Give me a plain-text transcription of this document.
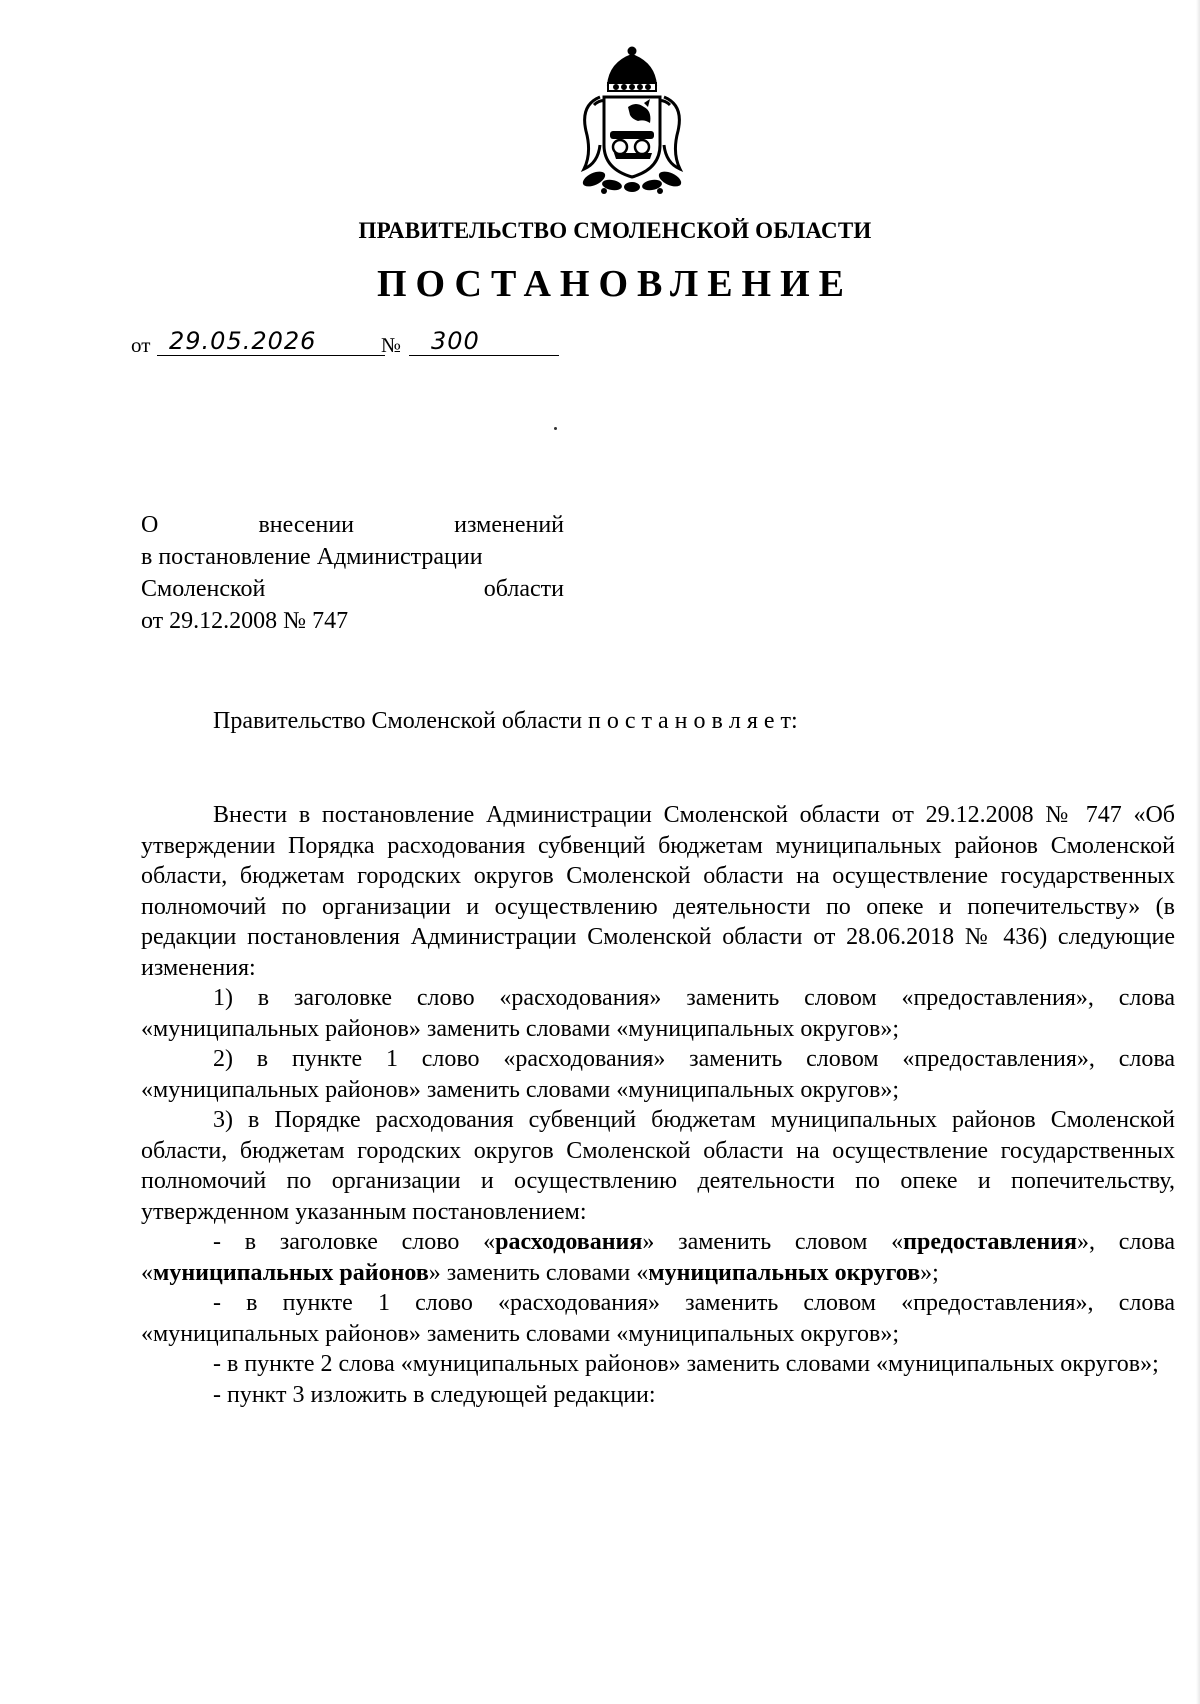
ПРАВИТЕЛЬСТВО СМОЛЕНСКОЙ ОБЛАСТИ
ПОСТАНОВЛЕНИЕ
от 29.05.2026	№	300
О	внесении	изменений
в постановление Администрации
Смоленской	области
от 29.12.2008 № 747
Правительство Смоленской области п о с т а н о в л я е т:

Внести в постановление Администрации Смоленской области от 29.12.2008 № 747 «Об утверждении Порядка расходования субвенций бюджетам муниципальных районов Смоленской области, бюджетам городских округов Смоленской области на осуществление государственных полномочий по организации и осуществлению деятельности по опеке и попечительству» (в редакции постановления Администрации Смоленской области от 28.06.2018 № 436) следующие изменения:

1) в заголовке слово «расходования» заменить словом «предоставления», слова «муниципальных районов» заменить словами «муниципальных округов»;

2) в пункте 1 слово «расходования» заменить словом «предоставления», слова «муниципальных районов» заменить словами «муниципальных округов»;

3) в Порядке расходования субвенций бюджетам муниципальных районов Смоленской области, бюджетам городских округов Смоленской области на осуществление государственных полномочий по организации и осуществлению деятельности по опеке и попечительству, утвержденном указанным постановлением:

- в заголовке слово «расходования» заменить словом «предоставления», слова «муниципальных районов» заменить словами «муниципальных округов»;

- в пункте 1 слово «расходования» заменить словом «предоставления», слова «муниципальных районов» заменить словами «муниципальных округов»;

- в пункте 2 слова «муниципальных районов» заменить словами «муниципальных округов»;

- пункт 3 изложить в следующей редакции:
